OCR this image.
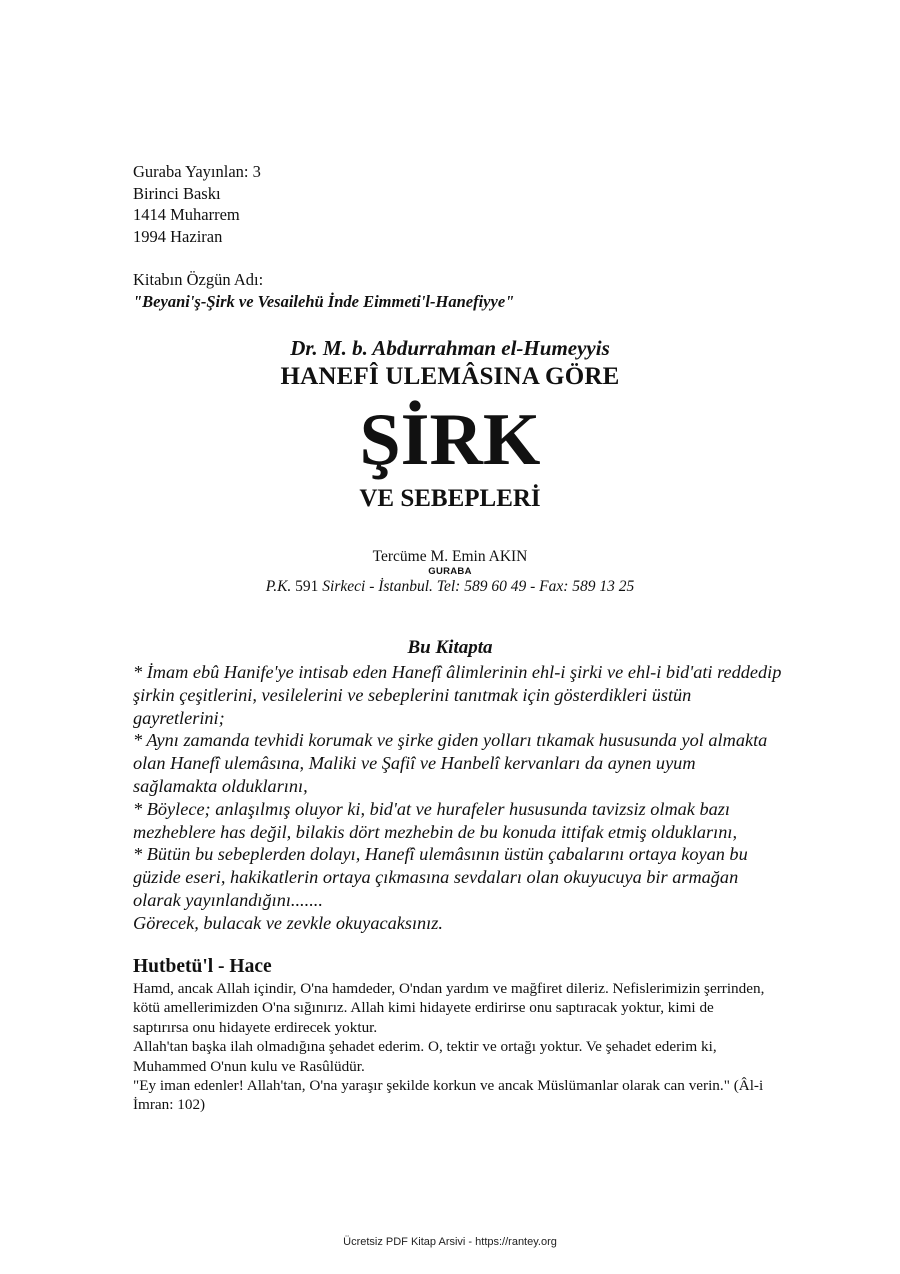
Guraba Yayınlan: 3
Birinci Baskı
1414 Muharrem
1994 Haziran
Kitabın Özgün Adı:
"Beyani'ş-Şirk ve Vesailehü İnde Eimmeti'l-Hanefiyye"
Dr. M. b. Abdurrahman el-Humeyyis
HANEFÎ ULEMÂSINA GÖRE
ŞİRK
VE SEBEPLERİ
Tercüme M. Emin AKIN
GURABA
P.K. 591 Sirkeci - İstanbul. Tel: 589 60 49 - Fax: 589 13 25
Bu Kitapta

* İmam ebû Hanife'ye intisab eden Hanefî âlimlerinin ehl-i şirki ve ehl-i bid'ati reddedip şirkin çeşitlerini, vesilelerini ve sebeplerini tanıtmak için gösterdikleri üstün gayretlerini;

* Aynı zamanda tevhidi korumak ve şirke giden yolları tıkamak hususunda yol almakta olan Hanefî ulemâsına, Maliki ve Şafiî ve Hanbelî kervanları da aynen uyum sağlamakta olduklarını,

* Böylece; anlaşılmış oluyor ki, bid'at ve hurafeler hususunda tavizsiz olmak bazı mezheblere has değil, bilakis dört mezhebin de bu konuda ittifak etmiş olduklarını,

* Bütün bu sebeplerden dolayı, Hanefî ulemâsının üstün çabalarını ortaya koyan bu güzide eseri, hakikatlerin ortaya çıkmasına sevdaları olan okuyucuya bir armağan olarak yayınlandığını.......

Görecek, bulacak ve zevkle okuyacaksınız.

Hutbetü'l - Hace

Hamd, ancak Allah içindir, O'na hamdeder, O'ndan yardım ve mağfiret dileriz. Nefislerimizin şerrinden, kötü amellerimizden O'na sığınırız. Allah kimi hidayete erdirirse onu saptıracak yoktur, kimi de saptırırsa onu hidayete erdirecek yoktur.

Allah'tan başka ilah olmadığına şehadet ederim. O, tektir ve ortağı yoktur. Ve şehadet ederim ki, Muhammed O'nun kulu ve Rasûlüdür.

"Ey iman edenler! Allah'tan, O'na yaraşır şekilde korkun ve ancak Müslümanlar olarak can verin." (Âl-i İmran: 102)

Ücretsiz PDF Kitap Arsivi - https://rantey.org
